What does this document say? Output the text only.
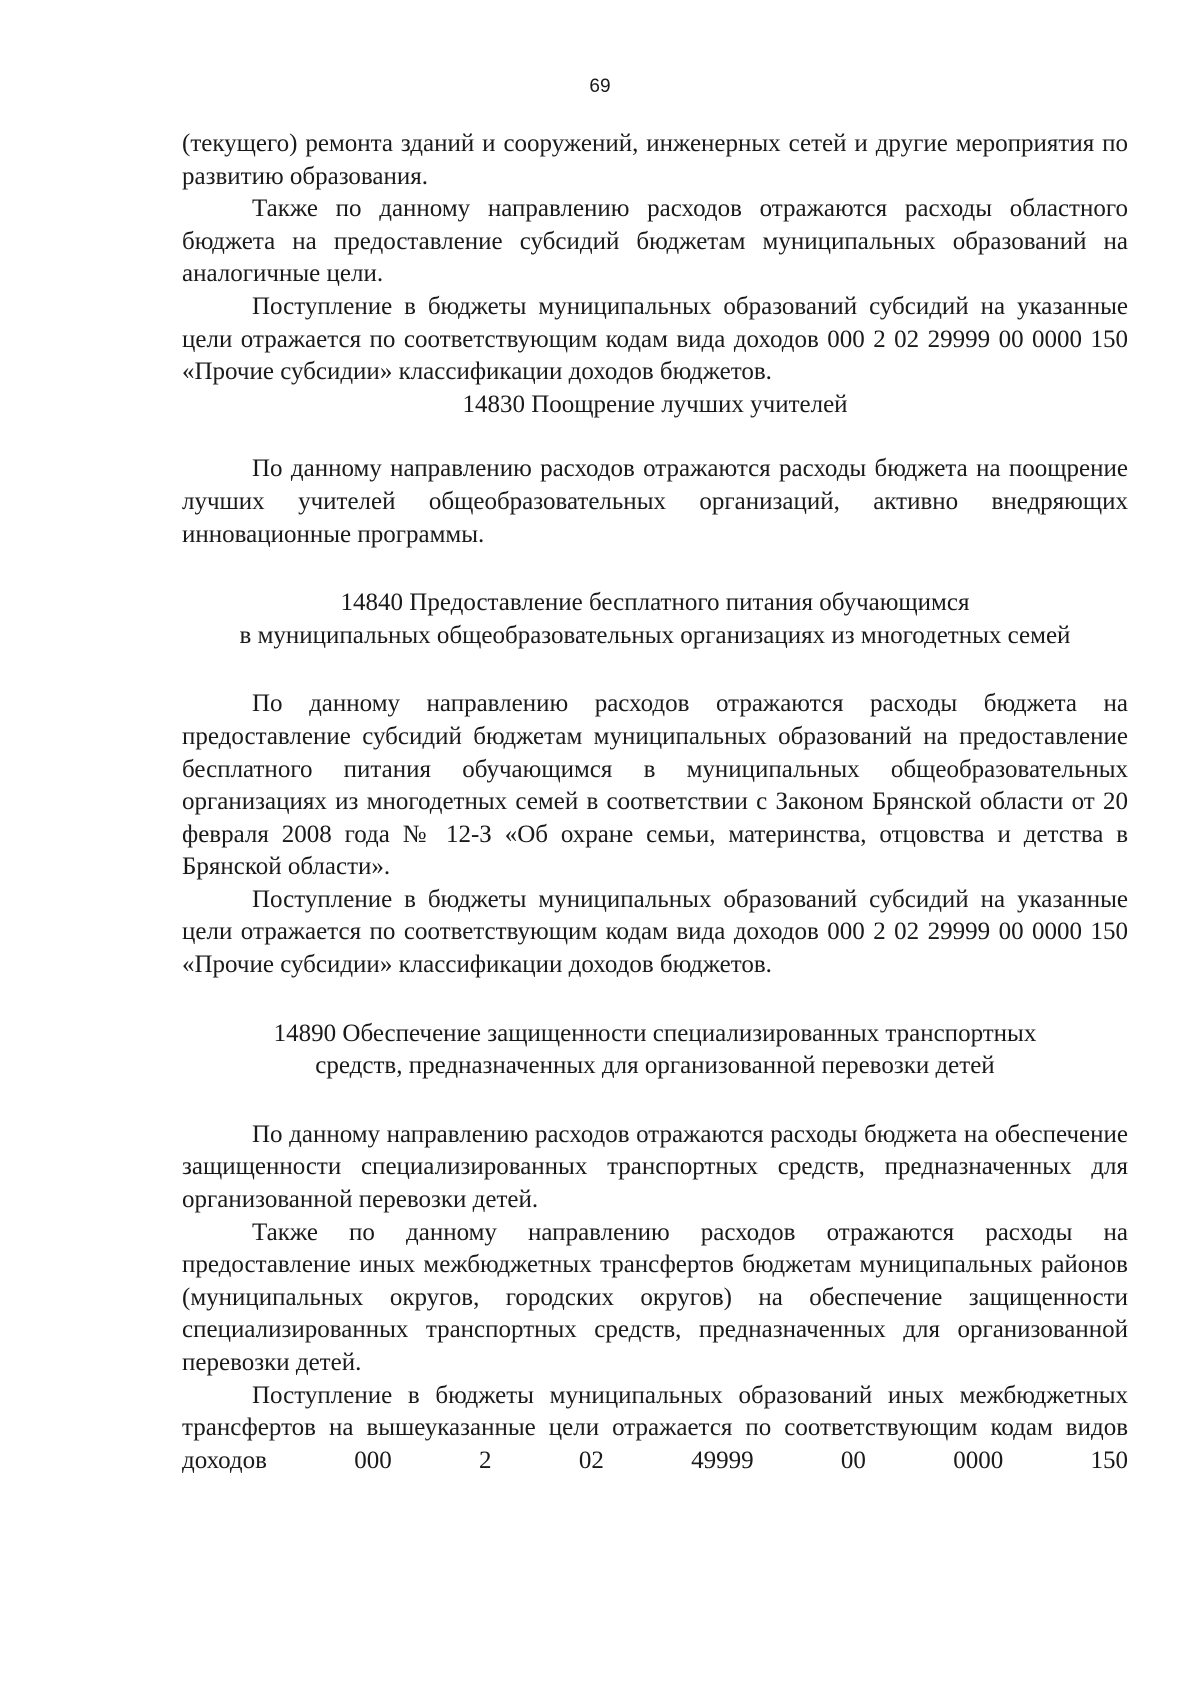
69

(текущего) ремонта зданий и сооружений, инженерных сетей и другие мероприятия по развитию образования.

Также по данному направлению расходов отражаются расходы областного бюджета на предоставление субсидий бюджетам муниципальных образований на аналогичные цели.

Поступление в бюджеты муниципальных образований субсидий на указанные цели отражается по соответствующим кодам вида доходов 000 2 02 29999 00 0000 150 «Прочие субсидии» классификации доходов бюджетов.

14830 Поощрение лучших учителей

По данному направлению расходов отражаются расходы бюджета на поощрение лучших учителей общеобразовательных организаций, активно внедряющих инновационные программы.

14840 Предоставление бесплатного питания обучающимся
в муниципальных общеобразовательных организациях из многодетных семей

По данному направлению расходов отражаются расходы бюджета на предоставление субсидий бюджетам муниципальных образований на предоставление бесплатного питания обучающимся в муниципальных общеобразовательных организациях из многодетных семей в соответствии с Законом Брянской области от 20 февраля 2008 года № 12-З «Об охране семьи, материнства, отцовства и детства в Брянской области».

Поступление в бюджеты муниципальных образований субсидий на указанные цели отражается по соответствующим кодам вида доходов 000 2 02 29999 00 0000 150 «Прочие субсидии» классификации доходов бюджетов.

14890 Обеспечение защищенности специализированных транспортных
средств, предназначенных для организованной перевозки детей

По данному направлению расходов отражаются расходы бюджета на обеспечение защищенности специализированных транспортных средств, предназначенных для организованной перевозки детей.

Также по данному направлению расходов отражаются расходы на предоставление иных межбюджетных трансфертов бюджетам муниципальных районов (муниципальных округов, городских округов) на обеспечение защищенности специализированных транспортных средств, предназначенных для организованной перевозки детей.

Поступление в бюджеты муниципальных образований иных межбюджетных трансфертов на вышеуказанные цели отражается по соответствующим кодам видов доходов 000 2 02 49999 00 0000 150
